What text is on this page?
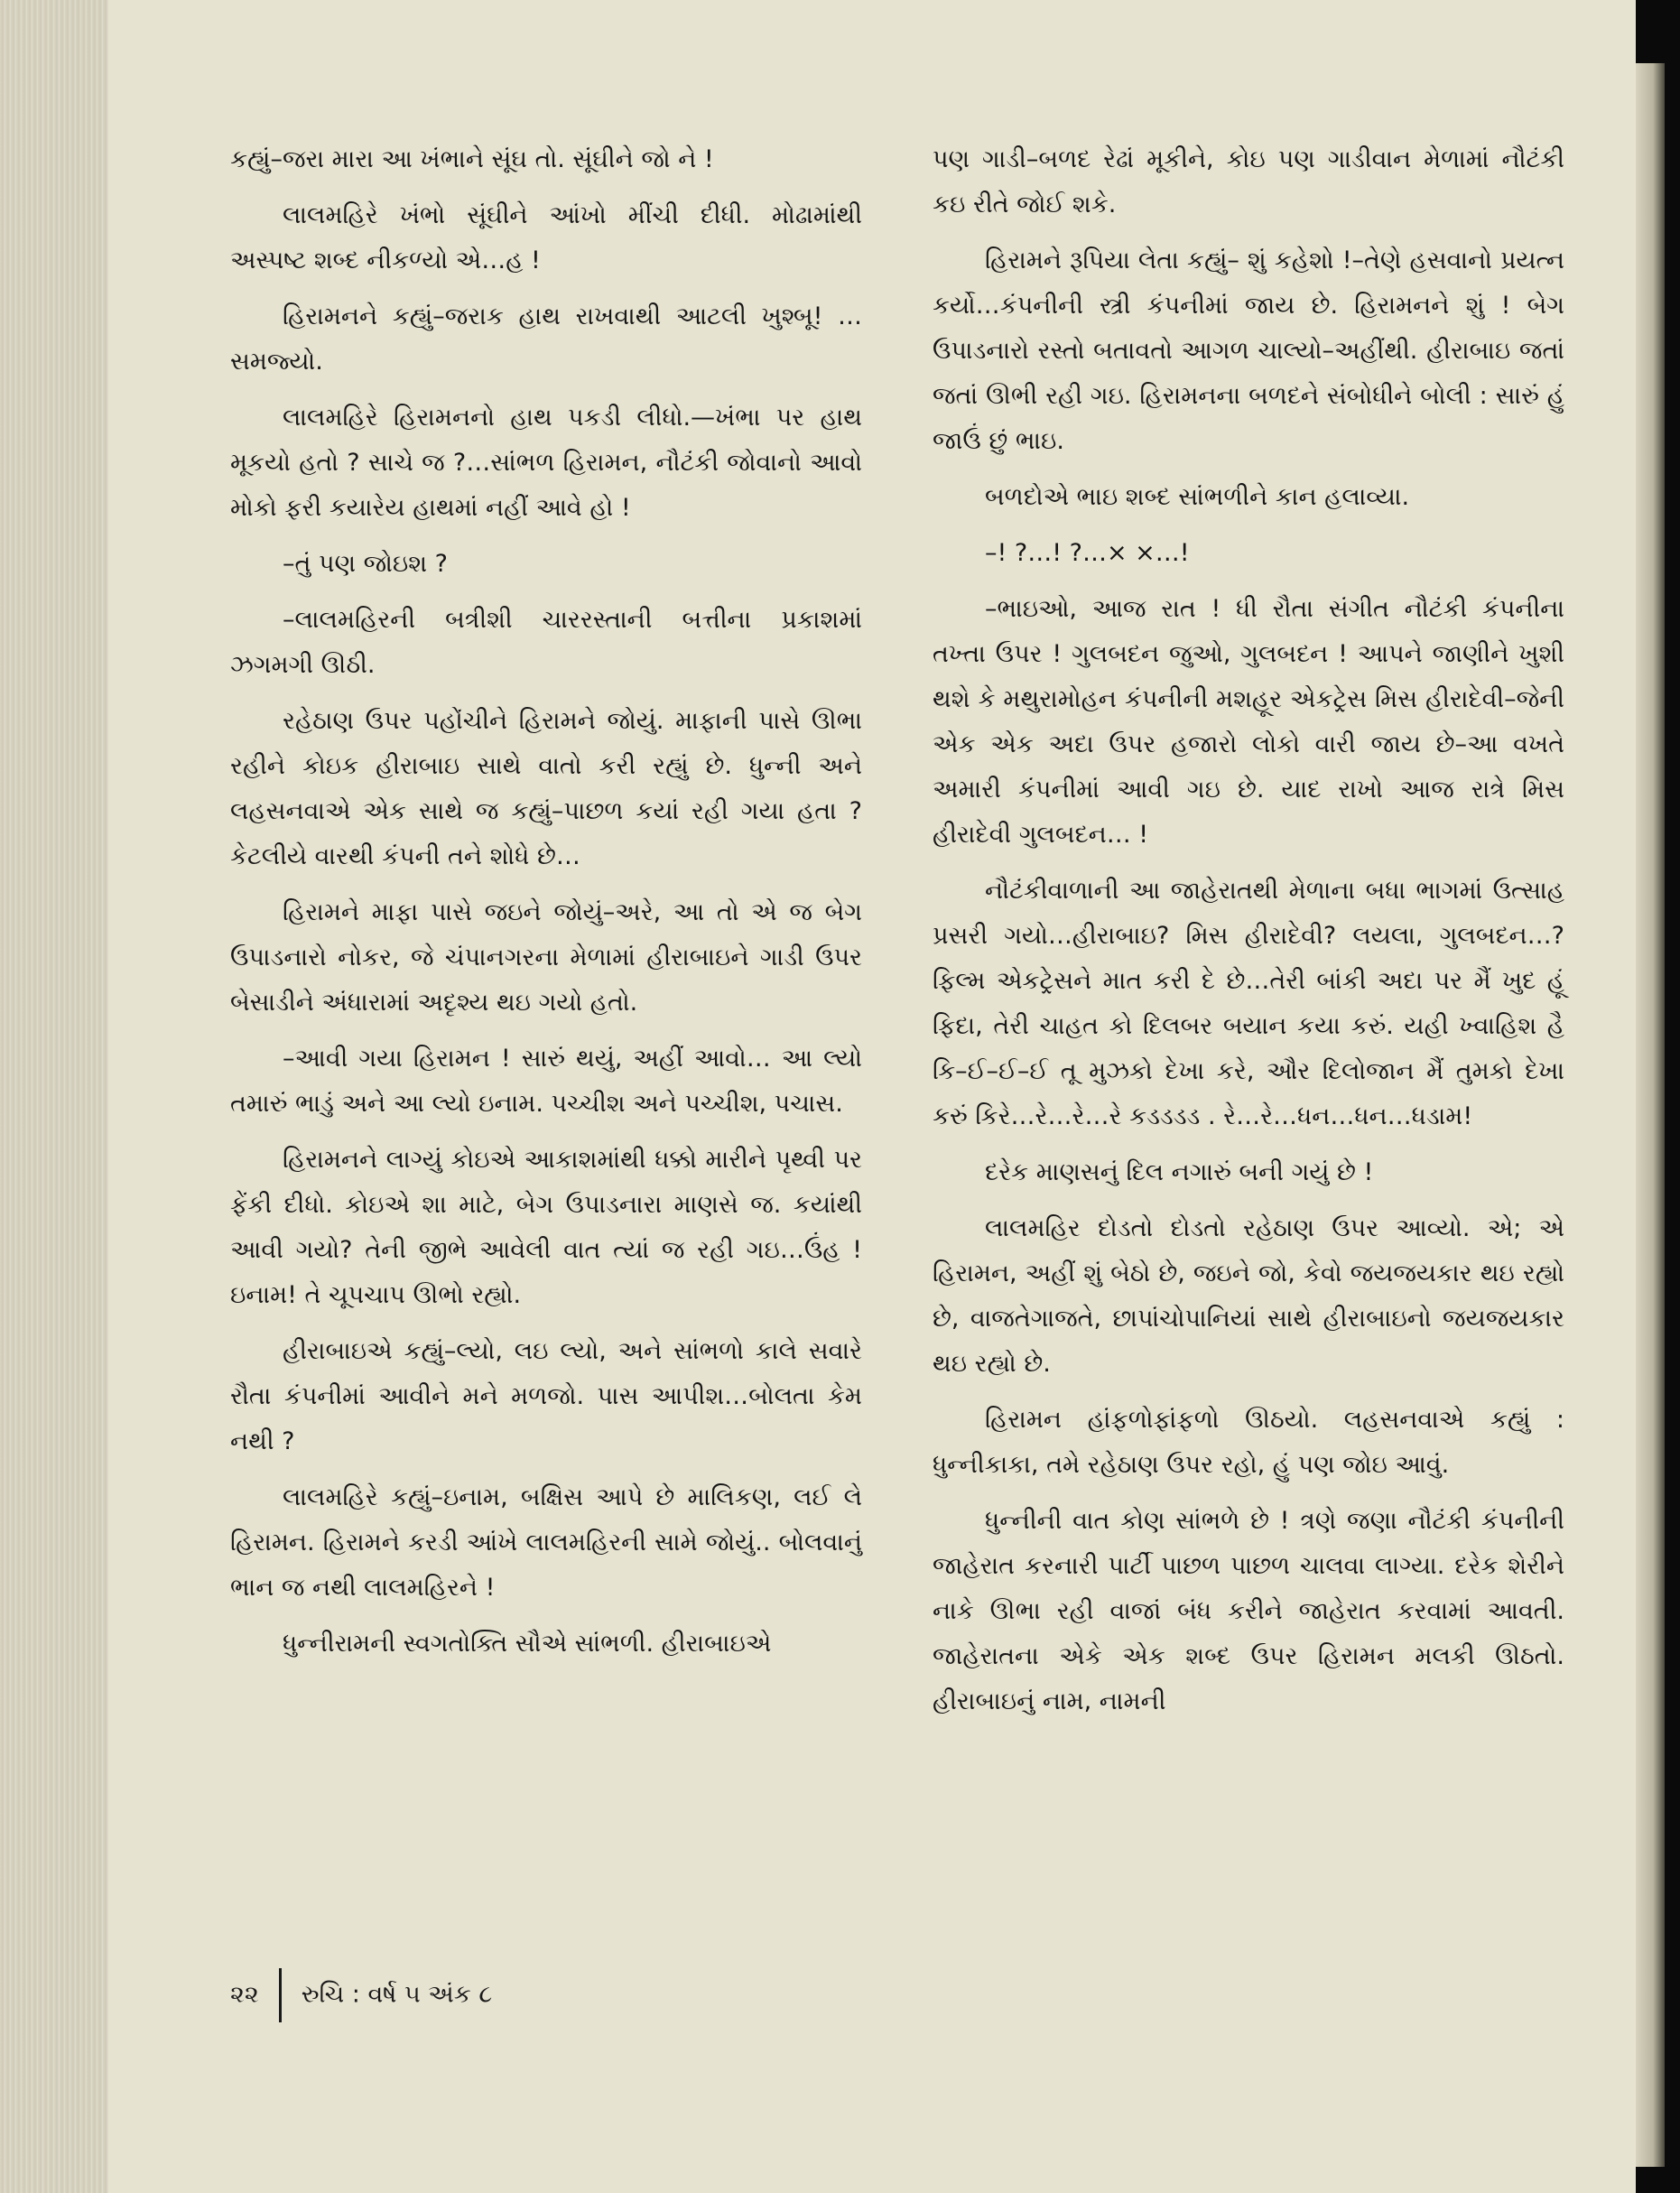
કહ્યું–જરા મારા આ ખંભાને સૂંઘ તો. સૂંઘીને જો ને !

લાલમહિરે ખંભો સૂંઘીને આંખો મીંચી દીધી. મોઢામાંથી અસ્પષ્ટ શબ્દ નીકળ્યો એ…હ !

હિરામનને કહ્યું–જરાક હાથ રાખવાથી આટલી ખુશ્બૂ! …સમજ્યો.

લાલમહિરે હિરામનનો હાથ પકડી લીધો.—ખંભા પર હાથ મૂકયો હતો ? સાચે જ ?…સાંભળ હિરામન, નૌટંકી જોવાનો આવો મોકો ફરી કયારેય હાથમાં નહીં આવે હો !

–તું પણ જોઇશ ?

–લાલમહિરની બત્રીશી ચારરસ્તાની બત્તીના પ્રકાશમાં ઝગમગી ઊઠી.

રહેઠાણ ઉપર પહોંચીને હિરામને જોયું. માફાની પાસે ઊભા રહીને કોઇક હીરાબાઇ સાથે વાતો કરી રહ્યું છે. ધુન્ની અને લહસનવાએ એક સાથે જ કહ્યું–પાછળ કયાં રહી ગયા હતા ? કેટલીયે વારથી કંપની તને શોધે છે…

હિરામને માફા પાસે જઇને જોયું–અરે, આ તો એ જ બેગ ઉપાડનારો નોકર, જે ચંપાનગરના મેળામાં હીરાબાઇને ગાડી ઉપર બેસાડીને અંધારામાં અદૃશ્ય થઇ ગયો હતો.

–આવી ગયા હિરામન ! સારું થયું, અહીં આવો… આ લ્યો તમારું ભાડું અને આ લ્યો ઇનામ. પચ્ચીશ અને પચ્ચીશ, પચાસ.

હિરામનને લાગ્યું કોઇએ આકાશમાંથી ધક્કો મારીને પૃથ્વી પર ફેંકી દીધો. કોઇએ શા માટે, બેગ ઉપાડનારા માણસે જ. કયાંથી આવી ગયો? તેની જીભે આવેલી વાત ત્યાં જ રહી ગઇ…ઉંહ ! ઇનામ! તે ચૂપચાપ ઊભો રહ્યો.

હીરાબાઇએ કહ્યું–લ્યો, લઇ લ્યો, અને સાંભળો કાલે સવારે રૌતા કંપનીમાં આવીને મને મળજો. પાસ આપીશ…બોલતા કેમ નથી ?

લાલમહિરે કહ્યું–ઇનામ, બક્ષિસ આપે છે માલિકણ, લઈ લે હિરામન. હિરામને કરડી આંખે લાલમહિરની સામે જોયું.. બોલવાનું ભાન જ નથી લાલમહિરને !

ધુન્નીરામની સ્વગતોક્તિ સૌએ સાંભળી. હીરાબાઇએ

પણ ગાડી–બળદ રેઢાં મૂકીને, કોઇ પણ ગાડીવાન મેળામાં નૌટંકી કઇ રીતે જોઈ શકે.

હિરામને રૂપિયા લેતા કહ્યું– શું કહેશો !–તેણે હસવાનો પ્રયત્ન કર્યો…કંપનીની સ્ત્રી કંપનીમાં જાય છે. હિરામનને શું ! બેગ ઉપાડનારો રસ્તો બતાવતો આગળ ચાલ્યો–અહીંથી. હીરાબાઇ જતાં જતાં ઊભી રહી ગઇ. હિરામનના બળદને સંબોધીને બોલી : સારું હું જાઉં છું ભાઇ.

બળદોએ ભાઇ શબ્દ સાંભળીને કાન હલાવ્યા.

–! ?…! ?…× ×…!

–ભાઇઓ, આજ રાત ! ધી રૌતા સંગીત નૌટંકી કંપનીના તખ્તા ઉપર ! ગુલબદન જુઓ, ગુલબદન ! આપને જાણીને ખુશી થશે કે મથુરામોહન કંપનીની મશહૂર એકટ્રેસ મિસ હીરાદેવી–જેની એક એક અદા ઉપર હજારો લોકો વારી જાય છે–આ વખતે અમારી કંપનીમાં આવી ગઇ છે. યાદ રાખો આજ રાત્રે મિસ હીરાદેવી ગુલબદન… !

નૌટંકીવાળાની આ જાહેરાતથી મેળાના બધા ભાગમાં ઉત્સાહ પ્રસરી ગયો…હીરાબાઇ? મિસ હીરાદેવી? લયલા, ગુલબદન…? ફિલ્મ એકટ્રેસને માત કરી દે છે…તેરી બાંકી અદા પર મૈં ખુદ હૂં ફિદા, તેરી ચાહત કો દિલબર બયાન કયા કરું. યહી ખ્વાહિશ હૈ કિ–ઈ–ઈ–ઈ તૂ મુઝકો દેખા કરે, ઔર દિલોજાન મૈં તુમકો દેખા કરું કિરે…રે…રે…રે કડડડડ . રે…રે…ધન…ધન…ધડામ!

દરેક માણસનું દિલ નગારું બની ગયું છે !

લાલમહિર દોડતો દોડતો રહેઠાણ ઉપર આવ્યો. એ; એ હિરામન, અહીં શું બેઠો છે, જઇને જો, કેવો જયજયકાર થઇ રહ્યો છે, વાજતેગાજતે, છાપાંચોપાનિયાં સાથે હીરાબાઇનો જયજયકાર થઇ રહ્યો છે.

હિરામન હાંફળોફાંફળો ઊઠયો. લહસનવાએ કહ્યું : ધુન્નીકાકા, તમે રહેઠાણ ઉપર રહો, હું પણ જોઇ આવું.

ધુન્નીની વાત કોણ સાંભળે છે ! ત્રણે જણા નૌટંકી કંપનીની જાહેરાત કરનારી પાર્ટી પાછળ પાછળ ચાલવા લાગ્યા. દરેક શેરીને નાકે ઊભા રહી વાજાં બંધ કરીને જાહેરાત કરવામાં આવતી. જાહેરાતના એકે એક શબ્દ ઉપર હિરામન મલકી ઊઠતો. હીરાબાઇનું નામ, નામની

૨૨ રુચિ : વર્ષ ૫ અંક ૮
